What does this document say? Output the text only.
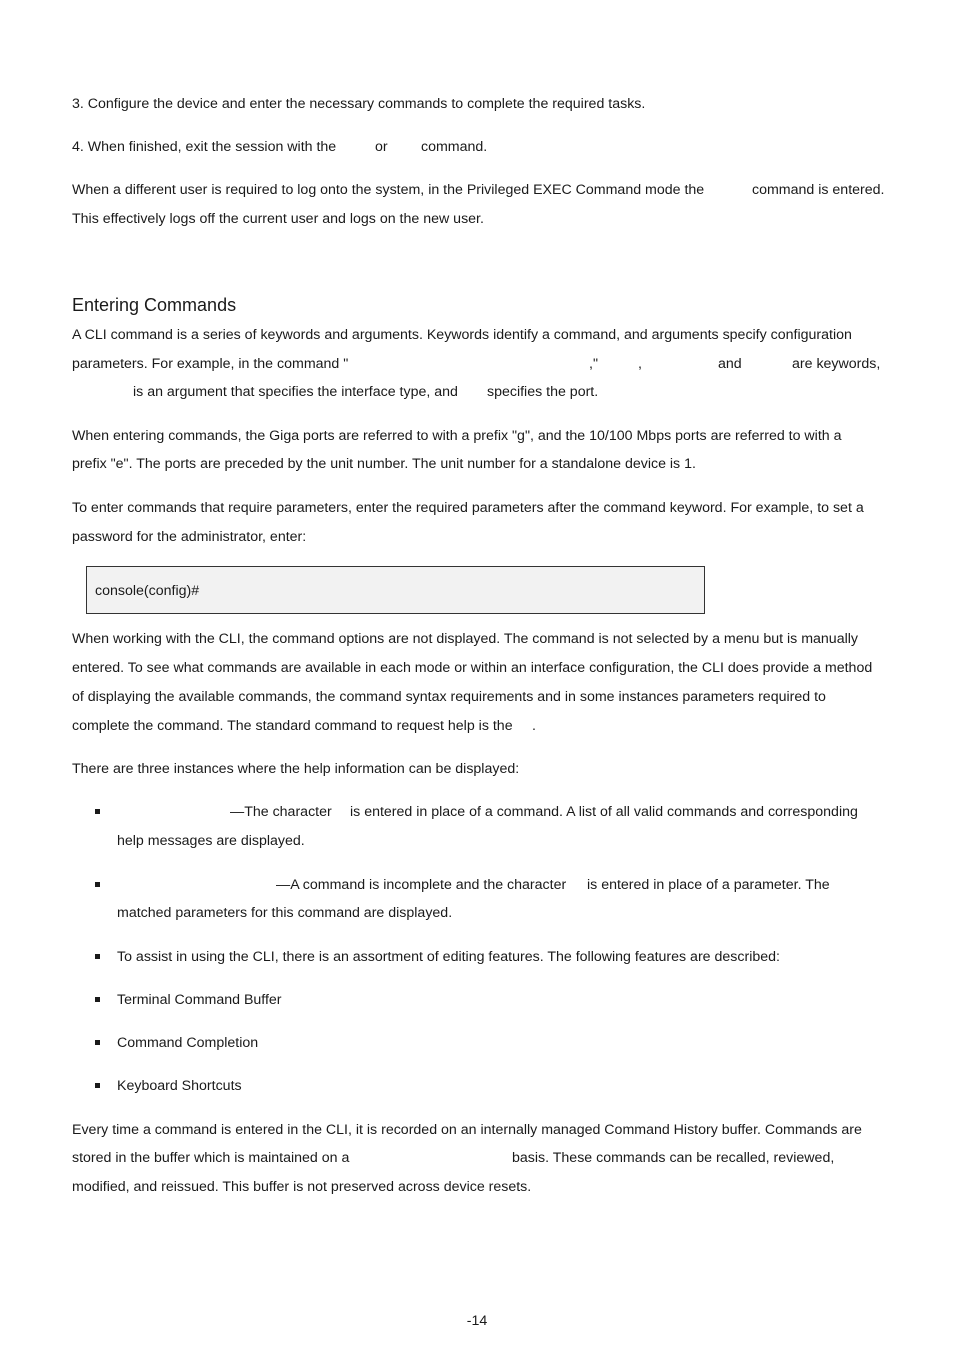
3. Configure the device and enter the necessary commands to complete the required tasks.
4. When finished, exit the session with the	or command.
When a different user is required to log onto the system, in the Privileged EXEC Command mode the	command is entered.
This effectively logs off the current user and logs on the new user.
Entering Commands
A CLI command is a series of keywords and arguments. Keywords identify a command, and arguments specify configuration
parameters. For example, in the command "	,"	,	and	are keywords,
is an argument that specifies the interface type, and specifies the port.
When entering commands, the Giga ports are referred to with a prefix "g", and the 10/100 Mbps ports are referred to with a
prefix "e". The ports are preceded by the unit number. The unit number for a standalone device is 1.
To enter commands that require parameters, enter the required parameters after the command keyword. For example, to set a
password for the administrator, enter:
console(config)#
When working with the CLI, the command options are not displayed. The command is not selected by a menu but is manually
entered. To see what commands are available in each mode or within an interface configuration, the CLI does provide a method
of displaying the available commands, the command syntax requirements and in some instances parameters required to
complete the command. The standard command to request help is the .
There are three instances where the help information can be displayed:
—The character is entered in place of a command. A list of all valid commands and corresponding
help messages are displayed.
—A command is incomplete and the character is entered in place of a parameter. The
matched parameters for this command are displayed.
To assist in using the CLI, there is an assortment of editing features. The following features are described:
Terminal Command Buffer
Command Completion
Keyboard Shortcuts
Every time a command is entered in the CLI, it is recorded on an internally managed Command History buffer. Commands are
stored in the buffer which is maintained on a	basis. These commands can be recalled, reviewed,
modified, and reissued. This buffer is not preserved across device resets.
-14
